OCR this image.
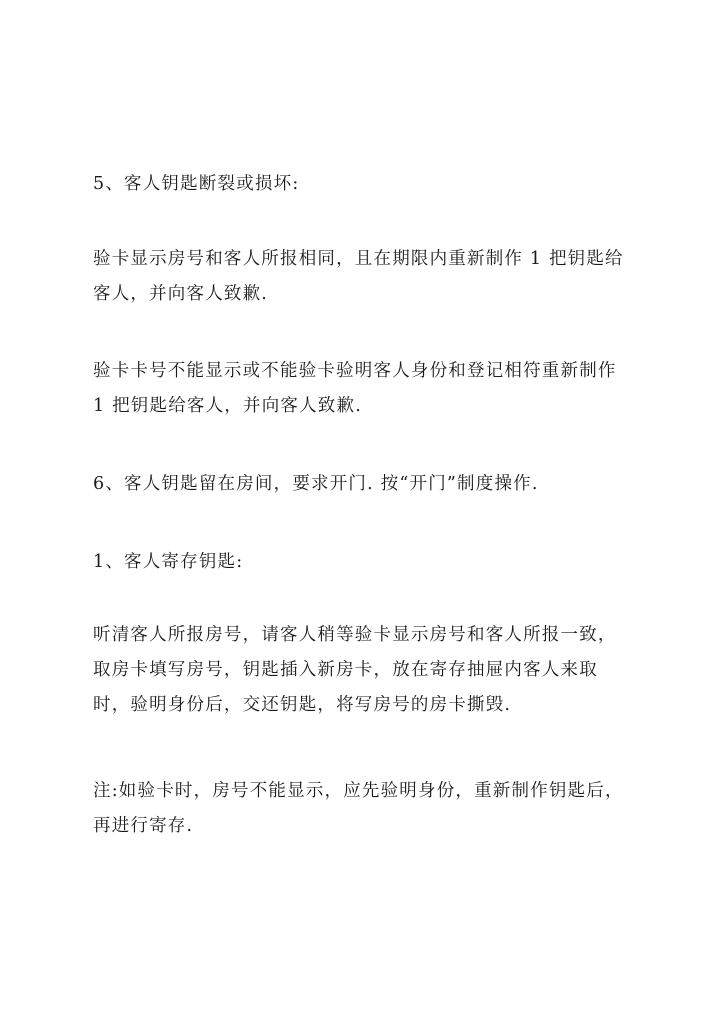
5、客人钥匙断裂或损坏:
验卡显示房号和客人所报相同，且在期限内重新制作 1 把钥匙给
客人，并向客人致歉.
验卡卡号不能显示或不能验卡验明客人身份和登记相符重新制作
1 把钥匙给客人，并向客人致歉.
6、客人钥匙留在房间，要求开门. 按“开门”制度操作.
1、客人寄存钥匙:
听清客人所报房号，请客人稍等验卡显示房号和客人所报一致，
取房卡填写房号，钥匙插入新房卡，放在寄存抽屉内客人来取
时，验明身份后，交还钥匙，将写房号的房卡撕毁.
注:如验卡时，房号不能显示，应先验明身份，重新制作钥匙后，
再进行寄存.
